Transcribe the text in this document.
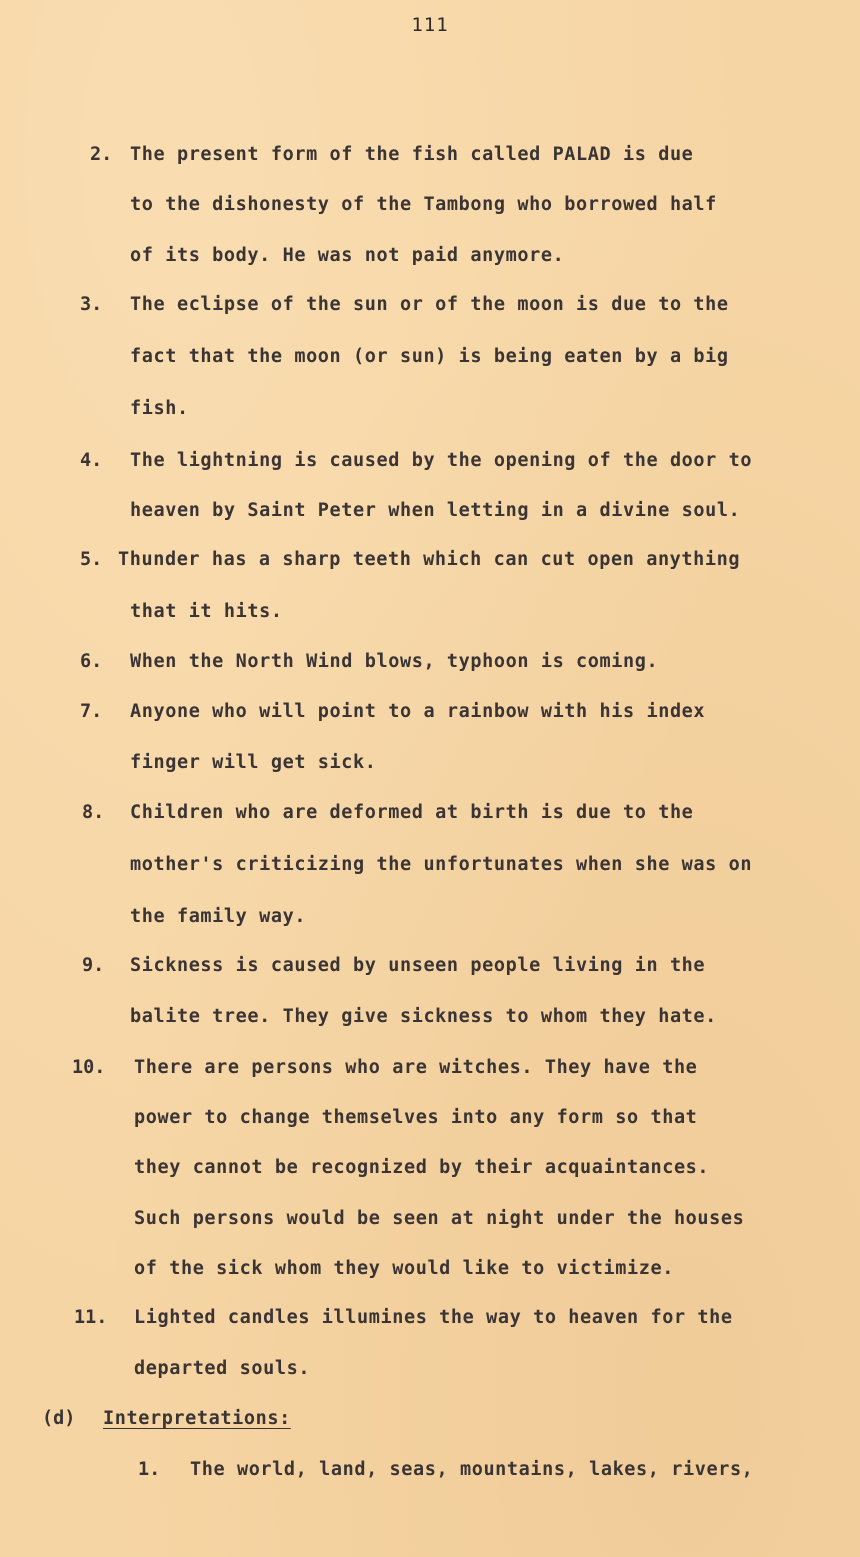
111
2. The present form of the fish called PALAD is due
to the dishonesty of the Tambong who borrowed half
of its body. He was not paid anymore.
3. The eclipse of the sun or of the moon is due to the
fact that the moon (or sun) is being eaten by a big
fish.
4. The lightning is caused by the opening of the door to
heaven by Saint Peter when letting in a divine soul.
5. Thunder has a sharp teeth which can cut open anything
that it hits.
6. When the North Wind blows, typhoon is coming.
7. Anyone who will point to a rainbow with his index
finger will get sick.
8. Children who are deformed at birth is due to the
mother's criticizing the unfortunates when she was on
the family way.
9. Sickness is caused by unseen people living in the
balite tree. They give sickness to whom they hate.
10. There are persons who are witches. They have the
power to change themselves into any form so that
they cannot be recognized by their acquaintances.
Such persons would be seen at night under the houses
of the sick whom they would like to victimize.
11. Lighted candles illumines the way to heaven for the
departed souls.
(d) Interpretations:
1. The world, land, seas, mountains, lakes, rivers,
